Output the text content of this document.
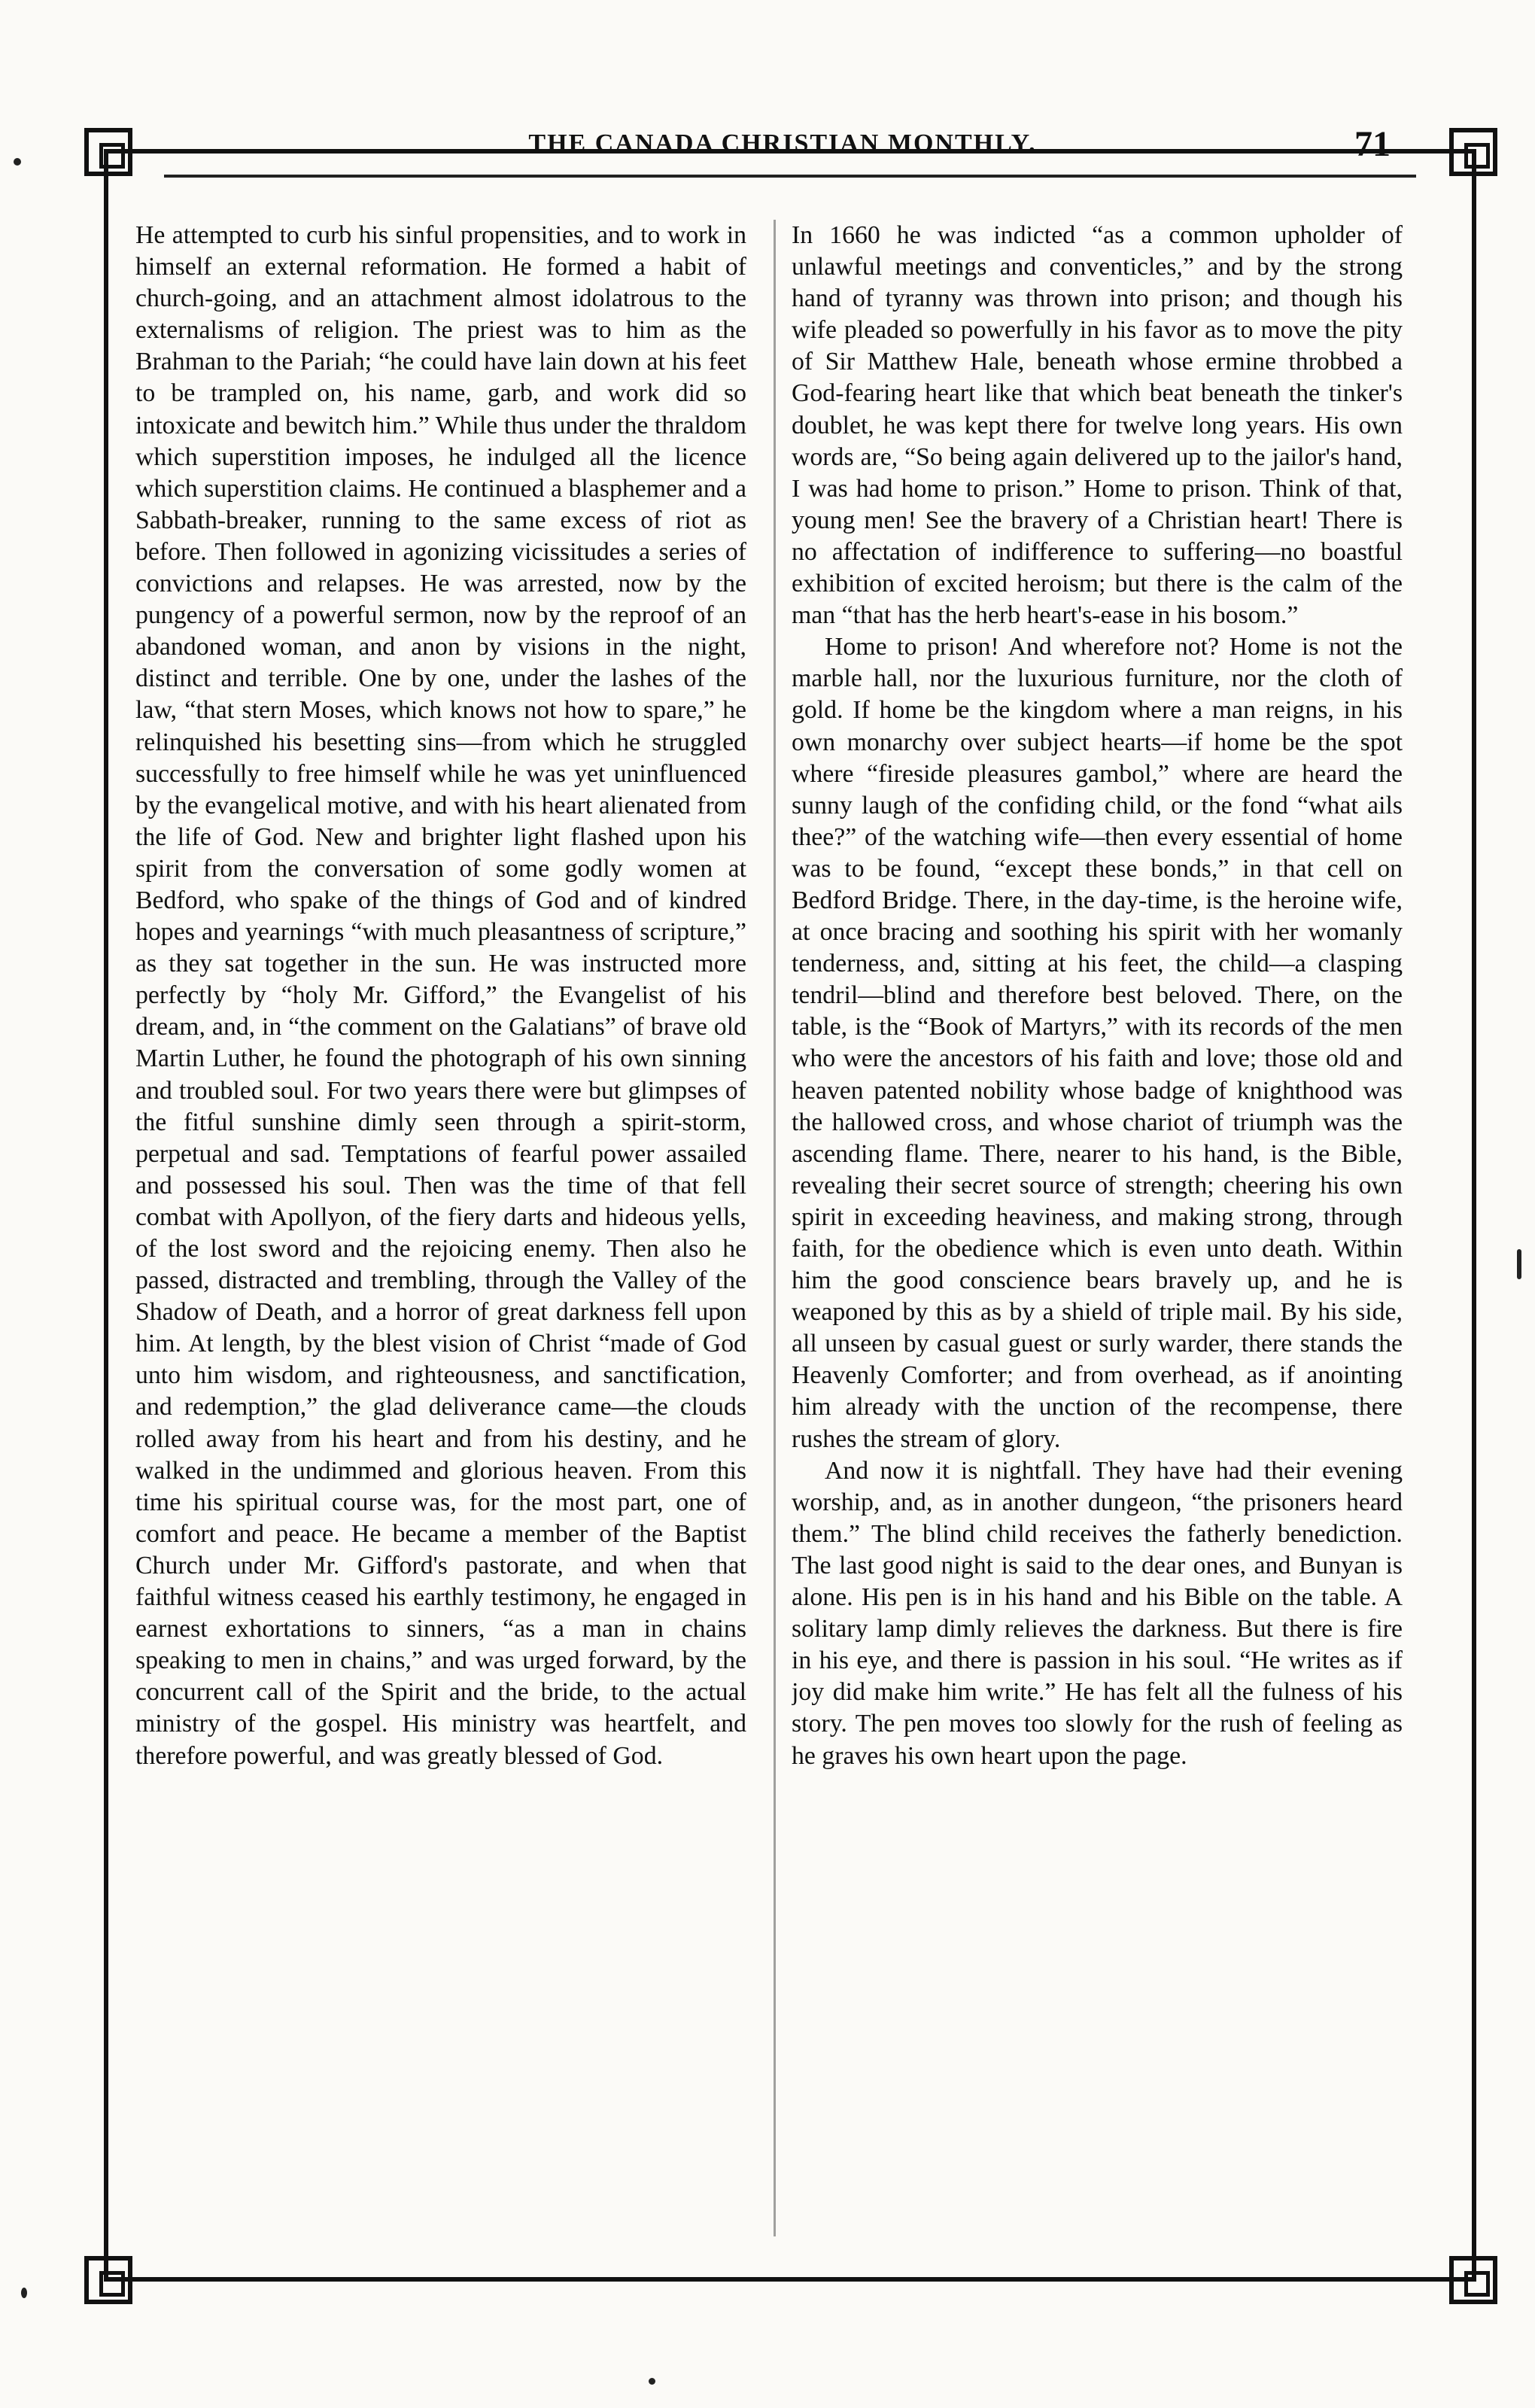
THE CANADA CHRISTIAN MONTHLY.	71

He attempted to curb his sinful propensities, and to work in himself an external reformation. He formed a habit of church-going, and an attachment almost idolatrous to the externalisms of religion. The priest was to him as the Brahman to the Pariah; “he could have lain down at his feet to be trampled on, his name, garb, and work did so intoxicate and bewitch him.” While thus under the thraldom which superstition imposes, he indulged all the licence which superstition claims. He continued a blasphemer and a Sabbath-breaker, running to the same excess of riot as before. Then followed in agonizing vicissitudes a series of convictions and relapses. He was arrested, now by the pungency of a powerful sermon, now by the reproof of an abandoned woman, and anon by visions in the night, distinct and terrible. One by one, under the lashes of the law, “that stern Moses, which knows not how to spare,” he relinquished his besetting sins—from which he struggled successfully to free himself while he was yet uninfluenced by the evangelical motive, and with his heart alienated from the life of God. New and brighter light flashed upon his spirit from the conversation of some godly women at Bedford, who spake of the things of God and of kindred hopes and yearnings “with much pleasantness of scripture,” as they sat together in the sun. He was instructed more perfectly by “holy Mr. Gifford,” the Evangelist of his dream, and, in “the comment on the Galatians” of brave old Martin Luther, he found the photograph of his own sinning and troubled soul. For two years there were but glimpses of the fitful sunshine dimly seen through a spirit-storm, perpetual and sad. Temptations of fearful power assailed and possessed his soul. Then was the time of that fell combat with Apollyon, of the fiery darts and hideous yells, of the lost sword and the rejoicing enemy. Then also he passed, distracted and trembling, through the Valley of the Shadow of Death, and a horror of great darkness fell upon him. At length, by the blest vision of Christ “made of God unto him wisdom, and righteousness, and sanctification, and redemption,” the glad deliverance came—the clouds rolled away from his heart and from his destiny, and he walked in the undimmed and glorious heaven. From this time his spiritual course was, for the most part, one of comfort and peace. He became a member of the Baptist Church under Mr. Gifford's pastorate, and when that faithful witness ceased his earthly testimony, he engaged in earnest exhortations to sinners, “as a man in chains speaking to men in chains,” and was urged forward, by the concurrent call of the Spirit and the bride, to the actual ministry of the gospel. His ministry was heartfelt, and therefore powerful, and was greatly blessed of God.

In 1660 he was indicted “as a common upholder of unlawful meetings and conventicles,” and by the strong hand of tyranny was thrown into prison; and though his wife pleaded so powerfully in his favor as to move the pity of Sir Matthew Hale, beneath whose ermine throbbed a God-fearing heart like that which beat beneath the tinker's doublet, he was kept there for twelve long years. His own words are, “So being again delivered up to the jailor's hand, I was had home to prison.” Home to prison. Think of that, young men! See the bravery of a Christian heart! There is no affectation of indifference to suffering—no boastful exhibition of excited heroism; but there is the calm of the man “that has the herb heart's-ease in his bosom.”

Home to prison! And wherefore not? Home is not the marble hall, nor the luxurious furniture, nor the cloth of gold. If home be the kingdom where a man reigns, in his own monarchy over subject hearts—if home be the spot where “fireside pleasures gambol,” where are heard the sunny laugh of the confiding child, or the fond “what ails thee?” of the watching wife—then every essential of home was to be found, “except these bonds,” in that cell on Bedford Bridge. There, in the day-time, is the heroine wife, at once bracing and soothing his spirit with her womanly tenderness, and, sitting at his feet, the child—a clasping tendril—blind and therefore best beloved. There, on the table, is the “Book of Martyrs,” with its records of the men who were the ancestors of his faith and love; those old and heaven patented nobility whose badge of knighthood was the hallowed cross, and whose chariot of triumph was the ascending flame. There, nearer to his hand, is the Bible, revealing their secret source of strength; cheering his own spirit in exceeding heaviness, and making strong, through faith, for the obedience which is even unto death. Within him the good conscience bears bravely up, and he is weaponed by this as by a shield of triple mail. By his side, all unseen by casual guest or surly warder, there stands the Heavenly Comforter; and from overhead, as if anointing him already with the unction of the recompense, there rushes the stream of glory.

And now it is nightfall. They have had their evening worship, and, as in another dungeon, “the prisoners heard them.” The blind child receives the fatherly benediction. The last good night is said to the dear ones, and Bunyan is alone. His pen is in his hand and his Bible on the table. A solitary lamp dimly relieves the darkness. But there is fire in his eye, and there is passion in his soul. “He writes as if joy did make him write.” He has felt all the fulness of his story. The pen moves too slowly for the rush of feeling as he graves his own heart upon the page.
